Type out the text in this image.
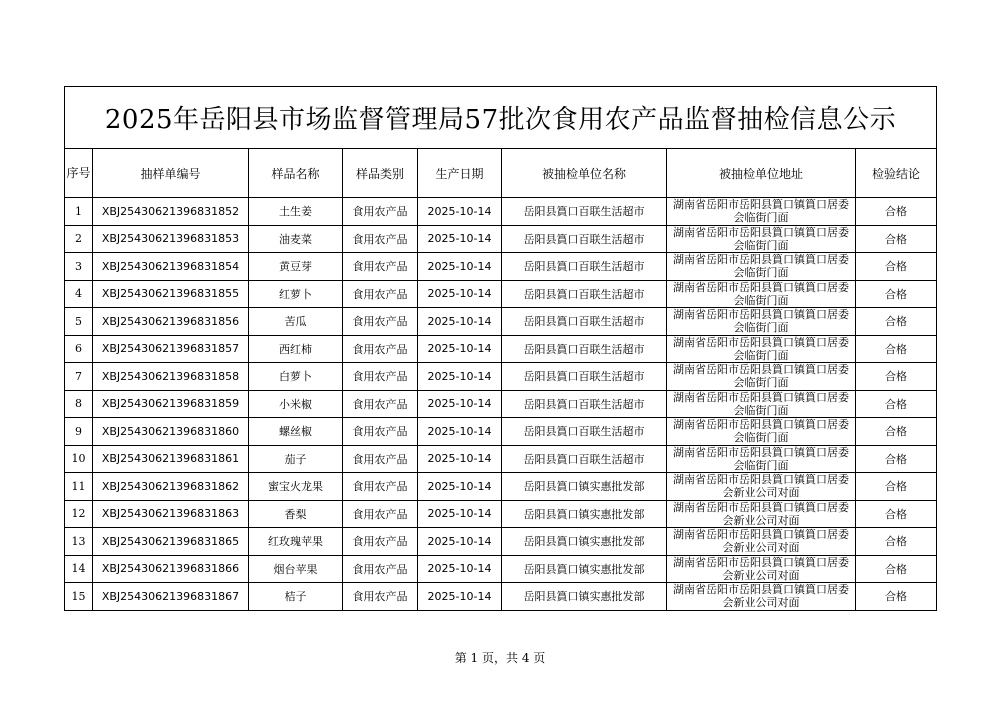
2025年岳阳县市场监督管理局57批次食用农产品监督抽检信息公示							
序号	抽样单编号	样品名称	样品类别	生产日期	被抽检单位名称	被抽检单位地址	检验结论
1	XBJ25430621396831852	土生姜	食用农产品	2025-10-14	岳阳县篔口百联生活超市	湖南省岳阳市岳阳县篔口镇篔口居委会临街门面	合格
2	XBJ25430621396831853	油麦菜	食用农产品	2025-10-14	岳阳县篔口百联生活超市	湖南省岳阳市岳阳县篔口镇篔口居委会临街门面	合格
3	XBJ25430621396831854	黄豆芽	食用农产品	2025-10-14	岳阳县篔口百联生活超市	湖南省岳阳市岳阳县篔口镇篔口居委会临街门面	合格
4	XBJ25430621396831855	红萝卜	食用农产品	2025-10-14	岳阳县篔口百联生活超市	湖南省岳阳市岳阳县篔口镇篔口居委会临街门面	合格
5	XBJ25430621396831856	苦瓜	食用农产品	2025-10-14	岳阳县篔口百联生活超市	湖南省岳阳市岳阳县篔口镇篔口居委会临街门面	合格
6	XBJ25430621396831857	西红柿	食用农产品	2025-10-14	岳阳县篔口百联生活超市	湖南省岳阳市岳阳县篔口镇篔口居委会临街门面	合格
7	XBJ25430621396831858	白萝卜	食用农产品	2025-10-14	岳阳县篔口百联生活超市	湖南省岳阳市岳阳县篔口镇篔口居委会临街门面	合格
8	XBJ25430621396831859	小米椒	食用农产品	2025-10-14	岳阳县篔口百联生活超市	湖南省岳阳市岳阳县篔口镇篔口居委会临街门面	合格
9	XBJ25430621396831860	螺丝椒	食用农产品	2025-10-14	岳阳县篔口百联生活超市	湖南省岳阳市岳阳县篔口镇篔口居委会临街门面	合格
10	XBJ25430621396831861	茄子	食用农产品	2025-10-14	岳阳县篔口百联生活超市	湖南省岳阳市岳阳县篔口镇篔口居委会临街门面	合格
11	XBJ25430621396831862	蜜宝火龙果	食用农产品	2025-10-14	岳阳县篔口镇实惠批发部	湖南省岳阳市岳阳县篔口镇篔口居委会新业公司对面	合格
12	XBJ25430621396831863	香梨	食用农产品	2025-10-14	岳阳县篔口镇实惠批发部	湖南省岳阳市岳阳县篔口镇篔口居委会新业公司对面	合格
13	XBJ25430621396831865	红玫瑰苹果	食用农产品	2025-10-14	岳阳县篔口镇实惠批发部	湖南省岳阳市岳阳县篔口镇篔口居委会新业公司对面	合格
14	XBJ25430621396831866	烟台苹果	食用农产品	2025-10-14	岳阳县篔口镇实惠批发部	湖南省岳阳市岳阳县篔口镇篔口居委会新业公司对面	合格
15	XBJ25430621396831867	桔子	食用农产品	2025-10-14	岳阳县篔口镇实惠批发部	湖南省岳阳市岳阳县篔口镇篔口居委会新业公司对面	合格
第 1 页，共 4 页
